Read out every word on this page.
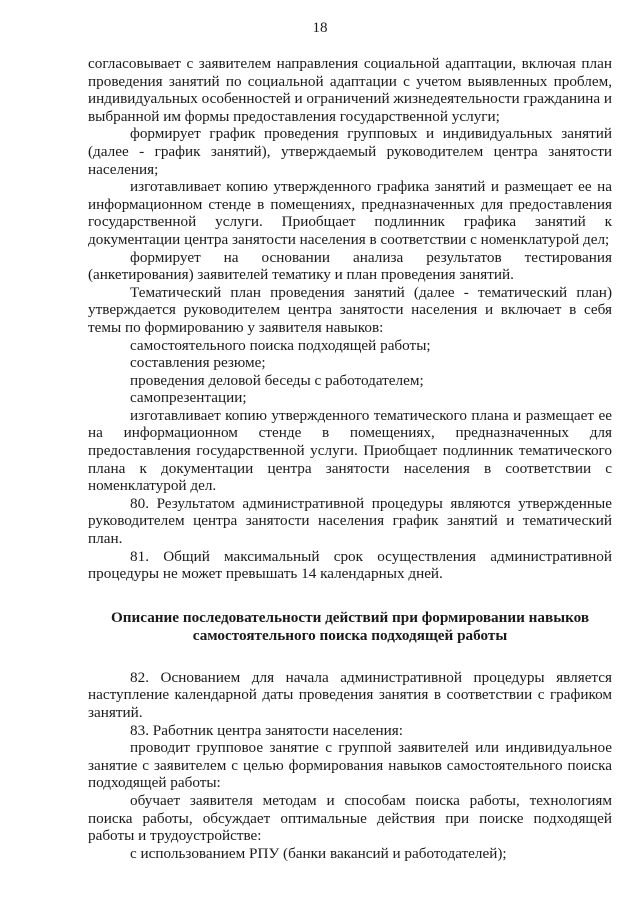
18

согласовывает с заявителем направления социальной адаптации, включая план проведения занятий по социальной адаптации с учетом выявленных проблем, индивидуальных особенностей и ограничений жизнедеятельности гражданина и выбранной им формы предоставления государственной услуги;

формирует график проведения групповых и индивидуальных занятий (далее - график занятий), утверждаемый руководителем центра занятости населения;

изготавливает копию утвержденного графика занятий и размещает ее на информационном стенде в помещениях, предназначенных для предоставления государственной услуги. Приобщает подлинник графика занятий к документации центра занятости населения в соответствии с номенклатурой дел;

формирует на основании анализа результатов тестирования (анкетирования) заявителей тематику и план проведения занятий.

Тематический план проведения занятий (далее - тематический план) утверждается руководителем центра занятости населения и включает в себя темы по формированию у заявителя навыков:

самостоятельного поиска подходящей работы;

составления резюме;

проведения деловой беседы с работодателем;

самопрезентации;

изготавливает копию утвержденного тематического плана и размещает ее на информационном стенде в помещениях, предназначенных для предоставления государственной услуги. Приобщает подлинник тематического плана к документации центра занятости населения в соответствии с номенклатурой дел.

80. Результатом административной процедуры являются утвержденные руководителем центра занятости населения график занятий и тематический план.

81. Общий максимальный срок осуществления административной процедуры не может превышать 14 календарных дней.

Описание последовательности действий при формировании навыков самостоятельного поиска подходящей работы

82. Основанием для начала административной процедуры является наступление календарной даты проведения занятия в соответствии с графиком занятий.

83. Работник центра занятости населения:

проводит групповое занятие с группой заявителей или индивидуальное занятие с заявителем с целью формирования навыков самостоятельного поиска подходящей работы:

обучает заявителя методам и способам поиска работы, технологиям поиска работы, обсуждает оптимальные действия при поиске подходящей работы и трудоустройстве:

с использованием РПУ (банки вакансий и работодателей);
